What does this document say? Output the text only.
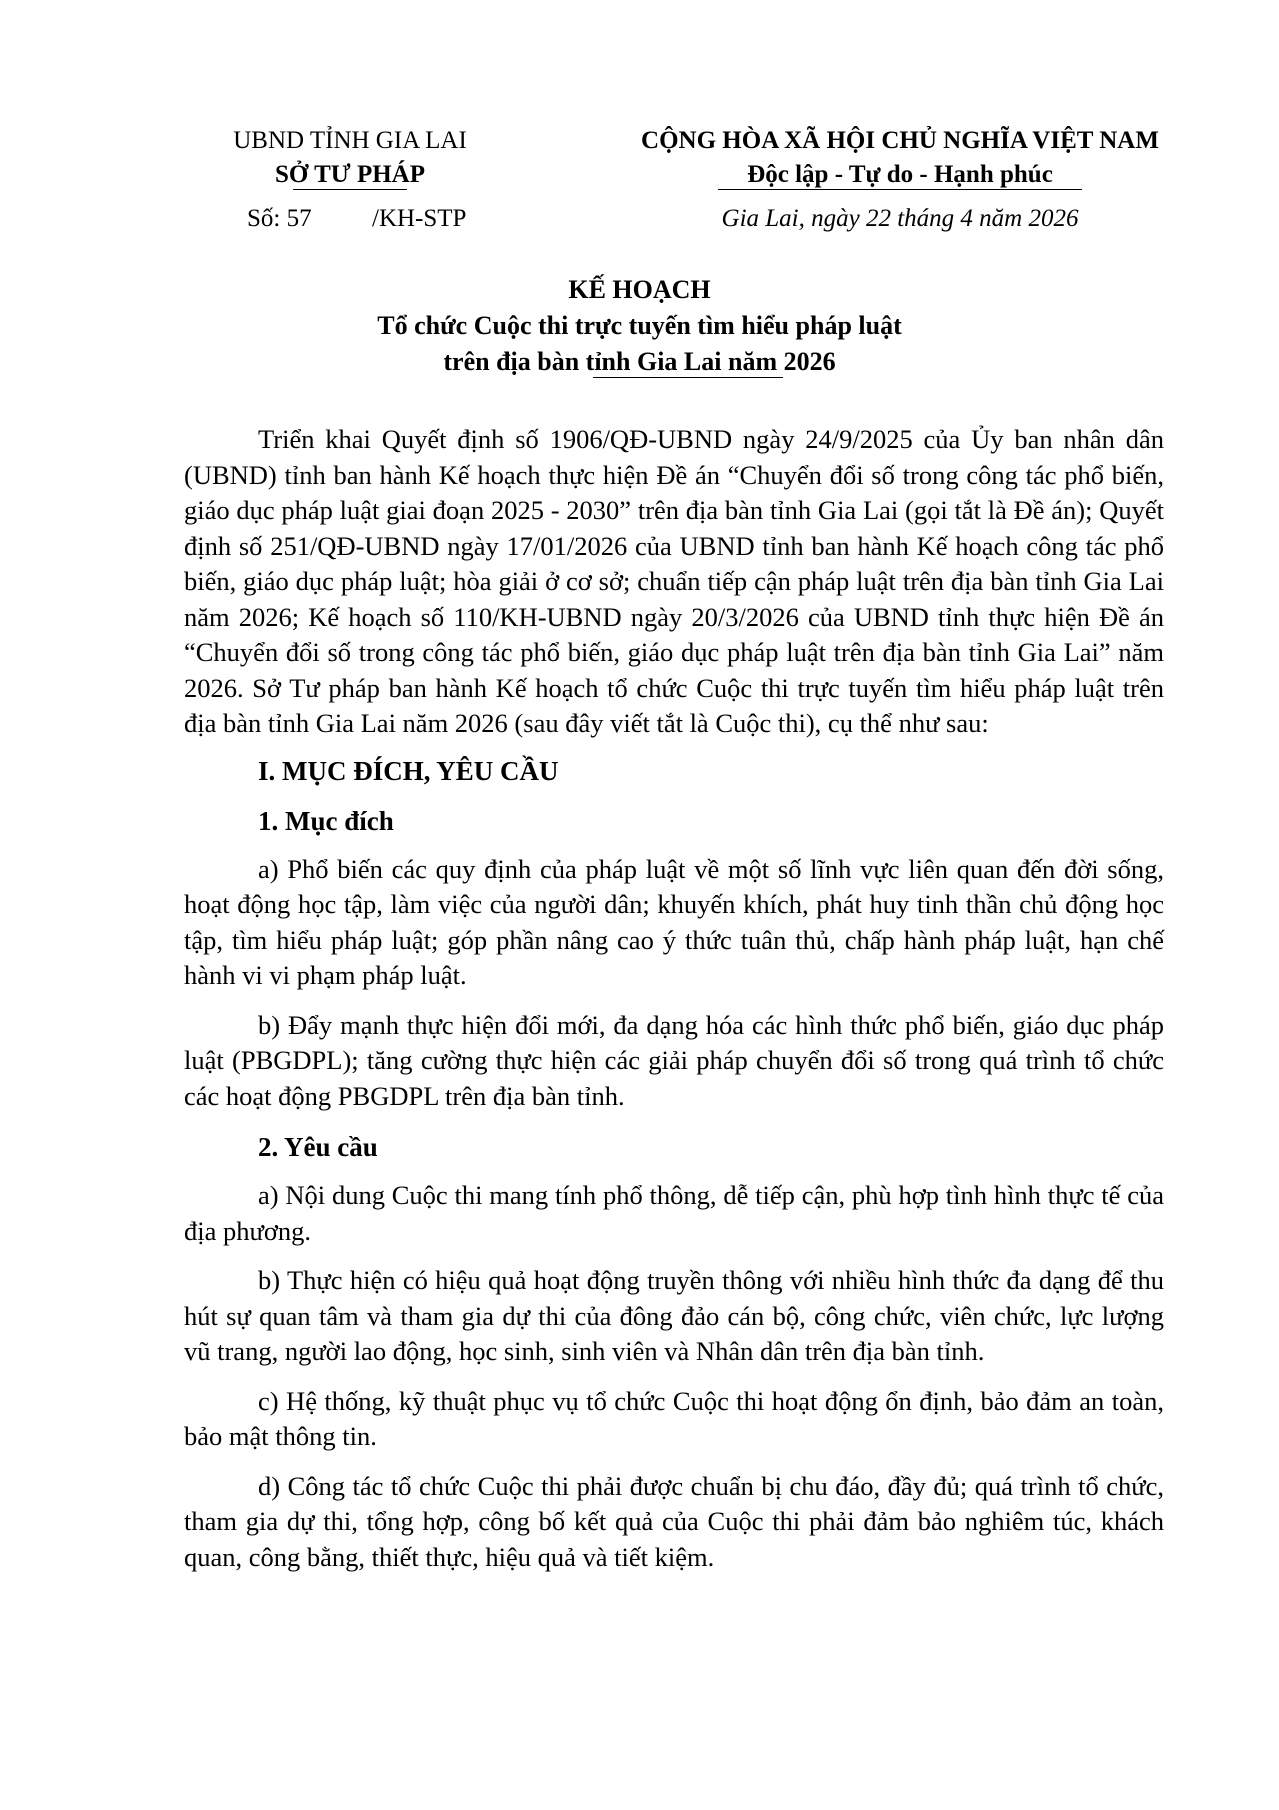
UBND TỈNH GIA LAI
SỞ TƯ PHÁP
CỘNG HÒA XÃ HỘI CHỦ NGHĨA VIỆT NAM
Độc lập - Tự do - Hạnh phúc
Số: 57 /KH-STP	Gia Lai, ngày 22 tháng 4 năm 2026
KẾ HOẠCH
Tổ chức Cuộc thi trực tuyến tìm hiểu pháp luật
trên địa bàn tỉnh Gia Lai năm 2026

Triển khai Quyết định số 1906/QĐ-UBND ngày 24/9/2025 của Ủy ban nhân dân (UBND) tỉnh ban hành Kế hoạch thực hiện Đề án “Chuyển đổi số trong công tác phổ biến, giáo dục pháp luật giai đoạn 2025 - 2030” trên địa bàn tỉnh Gia Lai (gọi tắt là Đề án); Quyết định số 251/QĐ-UBND ngày 17/01/2026 của UBND tỉnh ban hành Kế hoạch công tác phổ biến, giáo dục pháp luật; hòa giải ở cơ sở; chuẩn tiếp cận pháp luật trên địa bàn tỉnh Gia Lai năm 2026; Kế hoạch số 110/KH-UBND ngày 20/3/2026 của UBND tỉnh thực hiện Đề án “Chuyển đổi số trong công tác phổ biến, giáo dục pháp luật trên địa bàn tỉnh Gia Lai” năm 2026. Sở Tư pháp ban hành Kế hoạch tổ chức Cuộc thi trực tuyến tìm hiểu pháp luật trên địa bàn tỉnh Gia Lai năm 2026 (sau đây viết tắt là Cuộc thi), cụ thể như sau:

I. MỤC ĐÍCH, YÊU CẦU
1. Mục đích

a) Phổ biến các quy định của pháp luật về một số lĩnh vực liên quan đến đời sống, hoạt động học tập, làm việc của người dân; khuyến khích, phát huy tinh thần chủ động học tập, tìm hiểu pháp luật; góp phần nâng cao ý thức tuân thủ, chấp hành pháp luật, hạn chế hành vi vi phạm pháp luật.

b) Đẩy mạnh thực hiện đổi mới, đa dạng hóa các hình thức phổ biến, giáo dục pháp luật (PBGDPL); tăng cường thực hiện các giải pháp chuyển đổi số trong quá trình tổ chức các hoạt động PBGDPL trên địa bàn tỉnh.

2. Yêu cầu

a) Nội dung Cuộc thi mang tính phổ thông, dễ tiếp cận, phù hợp tình hình thực tế của địa phương.

b) Thực hiện có hiệu quả hoạt động truyền thông với nhiều hình thức đa dạng để thu hút sự quan tâm và tham gia dự thi của đông đảo cán bộ, công chức, viên chức, lực lượng vũ trang, người lao động, học sinh, sinh viên và Nhân dân trên địa bàn tỉnh.

c) Hệ thống, kỹ thuật phục vụ tổ chức Cuộc thi hoạt động ổn định, bảo đảm an toàn, bảo mật thông tin.

d) Công tác tổ chức Cuộc thi phải được chuẩn bị chu đáo, đầy đủ; quá trình tổ chức, tham gia dự thi, tổng hợp, công bố kết quả của Cuộc thi phải đảm bảo nghiêm túc, khách quan, công bằng, thiết thực, hiệu quả và tiết kiệm.
